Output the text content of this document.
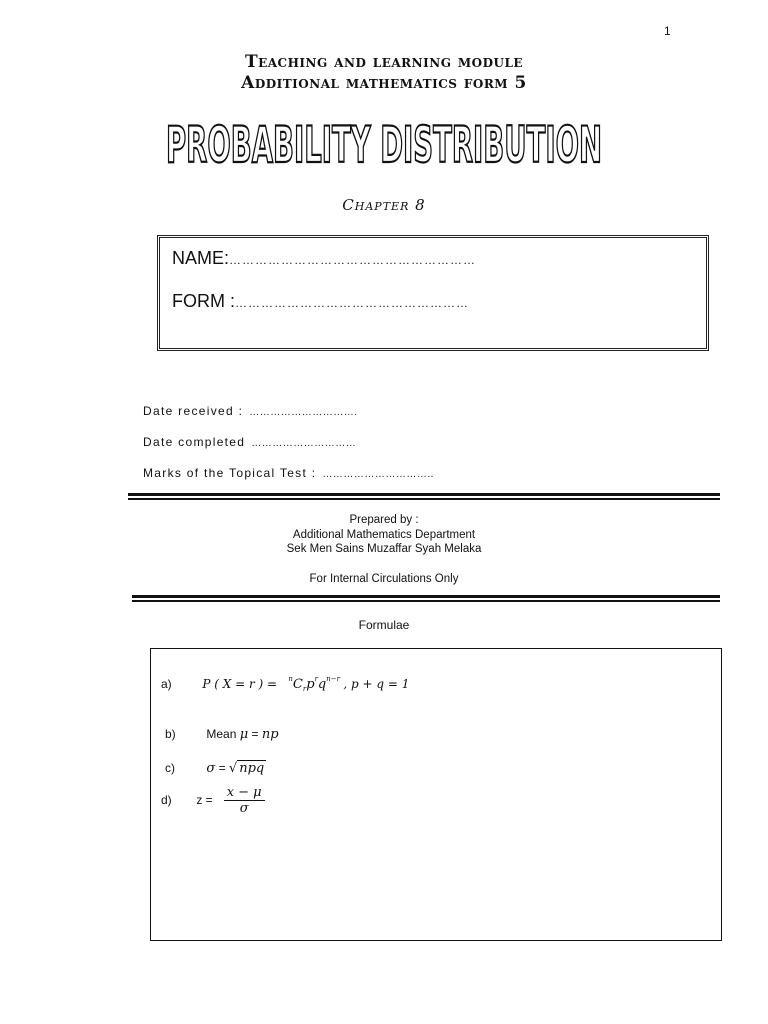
1
Teaching and learning module
Additional mathematics form 5
PROBABILITY DISTRIBUTION
Chapter 8
NAME:…………………………………………………
FORM :………………………………………………
Date received : ………………………….
Date completed …………………………
Marks of the Topical Test : …………………………..
Prepared by :
Additional Mathematics Department
Sek Men Sains Muzaffar Syah Melaka
For Internal Circulations Only
Formulae
a)	P ( X = r ) = $^nC_rp^rq^{n-r}$ , p + q = 1
b)	Mean μ = np
c) σ = √ npq
d) $z = \frac{x - \mu}{\sigma}$
